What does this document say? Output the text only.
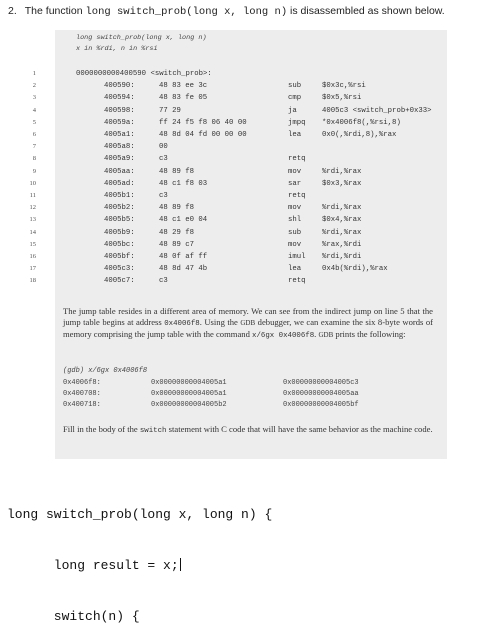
2. The function long switch_prob(long x, long n) is disassembled as shown below.
long switch_prob(long x, long n)
x in %rdi, n in %rsi
1	0000000000400590 <switch_prob>:
2	400590:	48 83 ee 3c	sub	$0x3c,%rsi
3	400594:	48 83 fe 05	cmp	$0x5,%rsi
4	400598:	77 29	ja	4005c3 <switch_prob+0x33>
5	40059a:	ff 24 f5 f8 06 40 00	jmpq *0x4006f8(,%rsi,8)
6	4005a1:	48 8d 04 fd 00 00 00	lea	0x0(,%rdi,8),%rax
7	4005a8:	00
8	4005a9:	c3	retq
9	4005aa:	48 89 f8	mov	%rdi,%rax
10	4005ad:	48 c1 f8 03	sar	$0x3,%rax
11	4005b1:	c3	retq
12	4005b2:	48 89 f8	mov	%rdi,%rax
13	4005b5:	48 c1 e0 04	shl	$0x4,%rax
14	4005b9:	48 29 f8	sub	%rdi,%rax
15	4005bc:	48 89 c7	mov	%rax,%rdi
16	4005bf:	48 0f af ff	imul %rdi,%rdi
17	4005c3:	48 8d 47 4b	lea	0x4b(%rdi),%rax
18	4005c7:	c3	retq
The jump table resides in a different area of memory. We can see from the indirect jump on line 5 that the jump table begins at address 0x4006f8. Using the GDB debugger, we can examine the six 8-byte words of memory comprising the jump table with the command x/6gx 0x4006f8. GDB prints the following:
(gdb) x/6gx 0x4006f8
0x4006f8:	0x00000000004005a1	0x00000000004005c3
0x400708:	0x00000000004005a1	0x00000000004005aa
0x400718:	0x00000000004005b2	0x00000000004005bf
Fill in the body of the switch statement with C code that will have the same behavior as the machine code.

long switch_prob(long x, long n) {

long result = x;

switch(n) {
